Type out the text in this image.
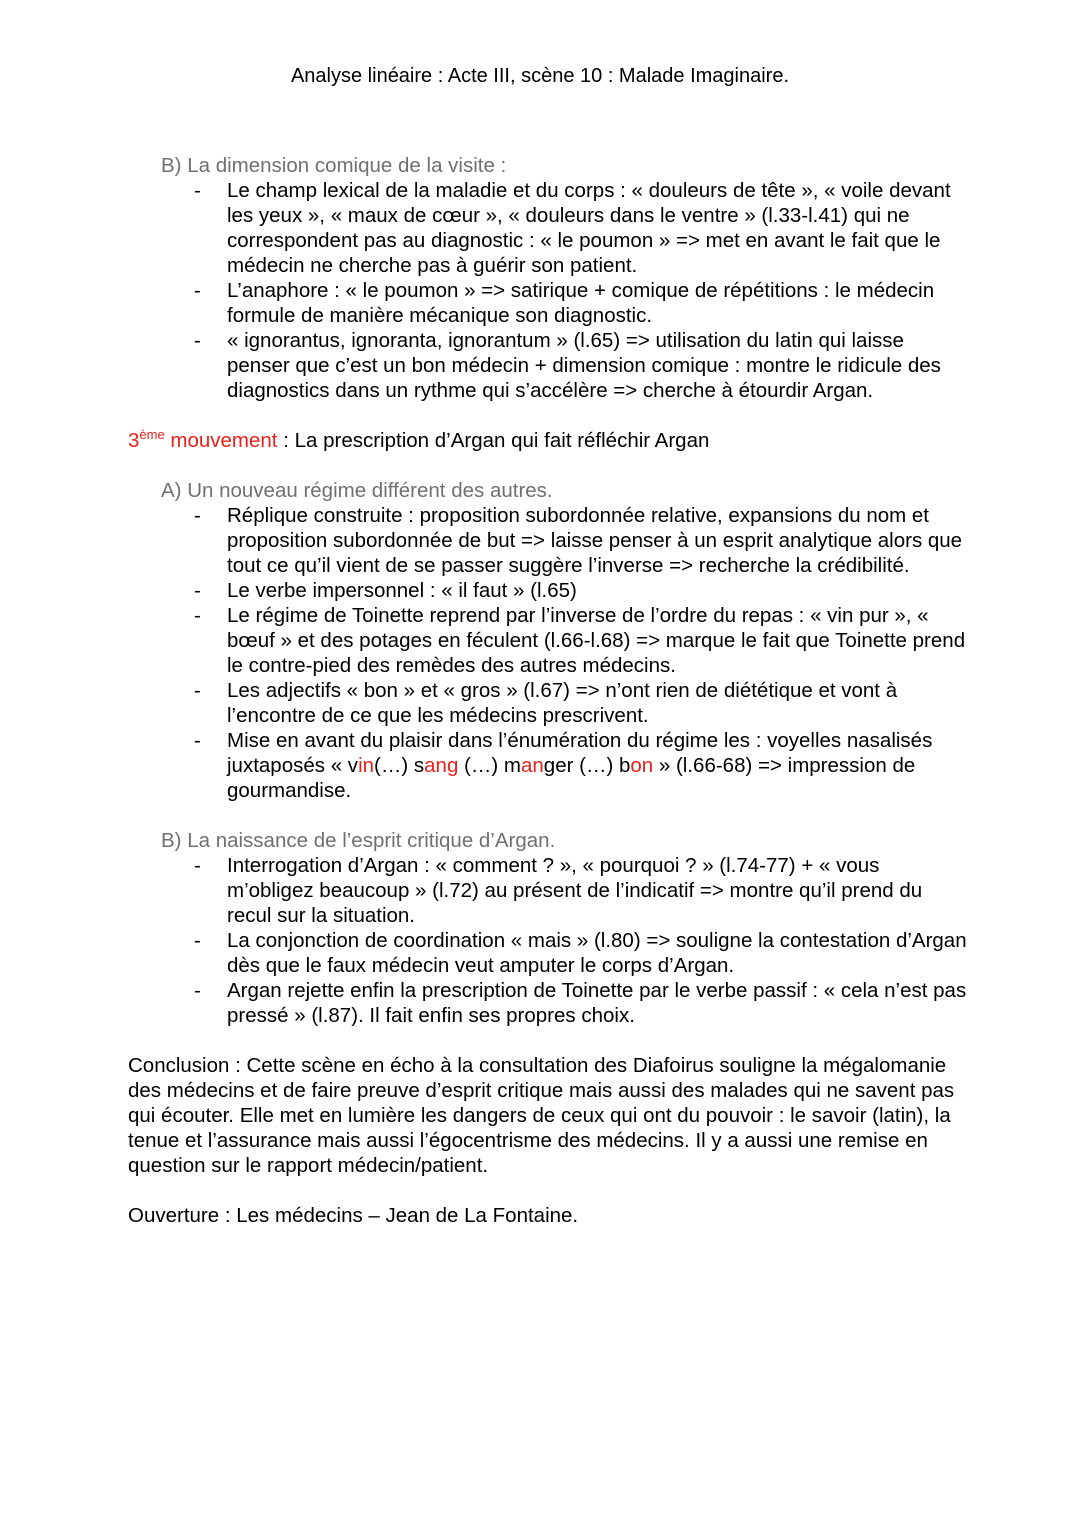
Analyse linéaire : Acte III, scène 10 : Malade Imaginaire.

B) La dimension comique de la visite :

- Le champ lexical de la maladie et du corps : « douleurs de tête », « voile devant les yeux », « maux de cœur », « douleurs dans le ventre » (l.33-l.41) qui ne correspondent pas au diagnostic : « le poumon » => met en avant le fait que le médecin ne cherche pas à guérir son patient.
- L’anaphore : « le poumon » => satirique + comique de répétitions : le médecin formule de manière mécanique son diagnostic.
- « ignorantus, ignoranta, ignorantum » (l.65) => utilisation du latin qui laisse penser que c’est un bon médecin + dimension comique : montre le ridicule des diagnostics dans un rythme qui s’accélère => cherche à étourdir Argan.

3ème mouvement : La prescription d’Argan qui fait réfléchir Argan

A) Un nouveau régime différent des autres.

- Réplique construite : proposition subordonnée relative, expansions du nom et proposition subordonnée de but => laisse penser à un esprit analytique alors que tout ce qu’il vient de se passer suggère l’inverse => recherche la crédibilité.
- Le verbe impersonnel : « il faut » (l.65)
- Le régime de Toinette reprend par l’inverse de l’ordre du repas : « vin pur », « bœuf » et des potages en féculent (l.66-l.68) => marque le fait que Toinette prend le contre-pied des remèdes des autres médecins.
- Les adjectifs « bon » et « gros » (l.67) => n’ont rien de diététique et vont à l’encontre de ce que les médecins prescrivent.
- Mise en avant du plaisir dans l’énumération du régime les : voyelles nasalisés juxtaposés « vin(…) sang (…) manger (…) bon » (l.66-68) => impression de gourmandise.

B) La naissance de l’esprit critique d’Argan.

- Interrogation d’Argan : « comment ? », « pourquoi ? » (l.74-77) + « vous m’obligez beaucoup » (l.72) au présent de l’indicatif => montre qu’il prend du recul sur la situation.
- La conjonction de coordination « mais » (l.80) => souligne la contestation d’Argan dès que le faux médecin veut amputer le corps d’Argan.
- Argan rejette enfin la prescription de Toinette par le verbe passif : « cela n’est pas pressé » (l.87). Il fait enfin ses propres choix.

Conclusion : Cette scène en écho à la consultation des Diafoirus souligne la mégalomanie des médecins et de faire preuve d’esprit critique mais aussi des malades qui ne savent pas qui écouter. Elle met en lumière les dangers de ceux qui ont du pouvoir : le savoir (latin), la tenue et l’assurance mais aussi l’égocentrisme des médecins. Il y a aussi une remise en question sur le rapport médecin/patient.

Ouverture : Les médecins – Jean de La Fontaine.
